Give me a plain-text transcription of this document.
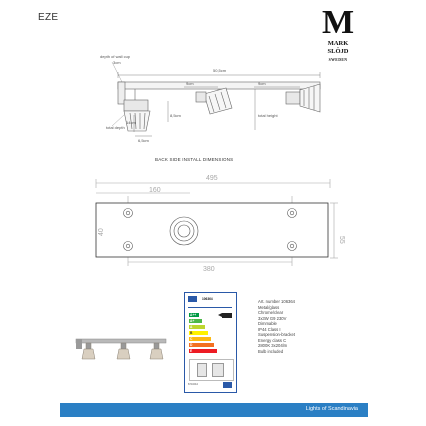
EZE	M
MARK
SLÖJD
SWEDEN
depth of wall cup
3cm
50,5cm
9cm	9cm
8,5cm
14cm
6,5cm
total depth
total height
495
160
40
55
380
BACK SIDE INSTALL DIMENSIONS
106364
A++
A+
A
B
C
D
E
874/2012
Art. number 106364
Metal/glass
Chrome/clear
3x3W G9 230V
Dimmable
IP44 Class I
Suspension-bracket
Energy class C
2800K 3x204lm
Bulb included
Lights of Scandinavia
